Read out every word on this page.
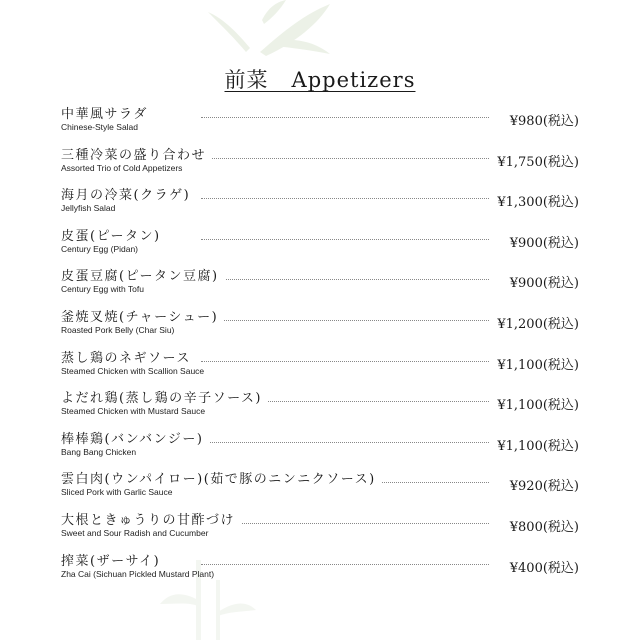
前菜 Appetizers
中華風サラダ
Chinese-Style Salad	¥980(税込)
三種冷菜の盛り合わせ
Assorted Trio of Cold Appetizers	¥1,750(税込)
海月の冷菜(クラゲ)
Jellyfish Salad	¥1,300(税込)
皮蛋(ピータン)
Century Egg (Pidan)	¥900(税込)
皮蛋豆腐(ピータン豆腐)
Century Egg with Tofu	¥900(税込)
釜焼叉焼(チャーシュー)
Roasted Pork Belly (Char Siu)	¥1,200(税込)
蒸し鶏のネギソース
Steamed Chicken with Scallion Sauce	¥1,100(税込)
よだれ鶏(蒸し鶏の辛子ソース)
Steamed Chicken with Mustard Sauce	¥1,100(税込)
棒棒鶏(バンバンジー)
Bang Bang Chicken	¥1,100(税込)
雲白肉(ウンパイロー)(茹で豚のニンニクソース)
Sliced Pork with Garlic Sauce	¥920(税込)
大根ときゅうりの甘酢づけ
Sweet and Sour Radish and Cucumber	¥800(税込)
搾菜(ザーサイ)
Zha Cai (Sichuan Pickled Mustard Plant)	¥400(税込)
